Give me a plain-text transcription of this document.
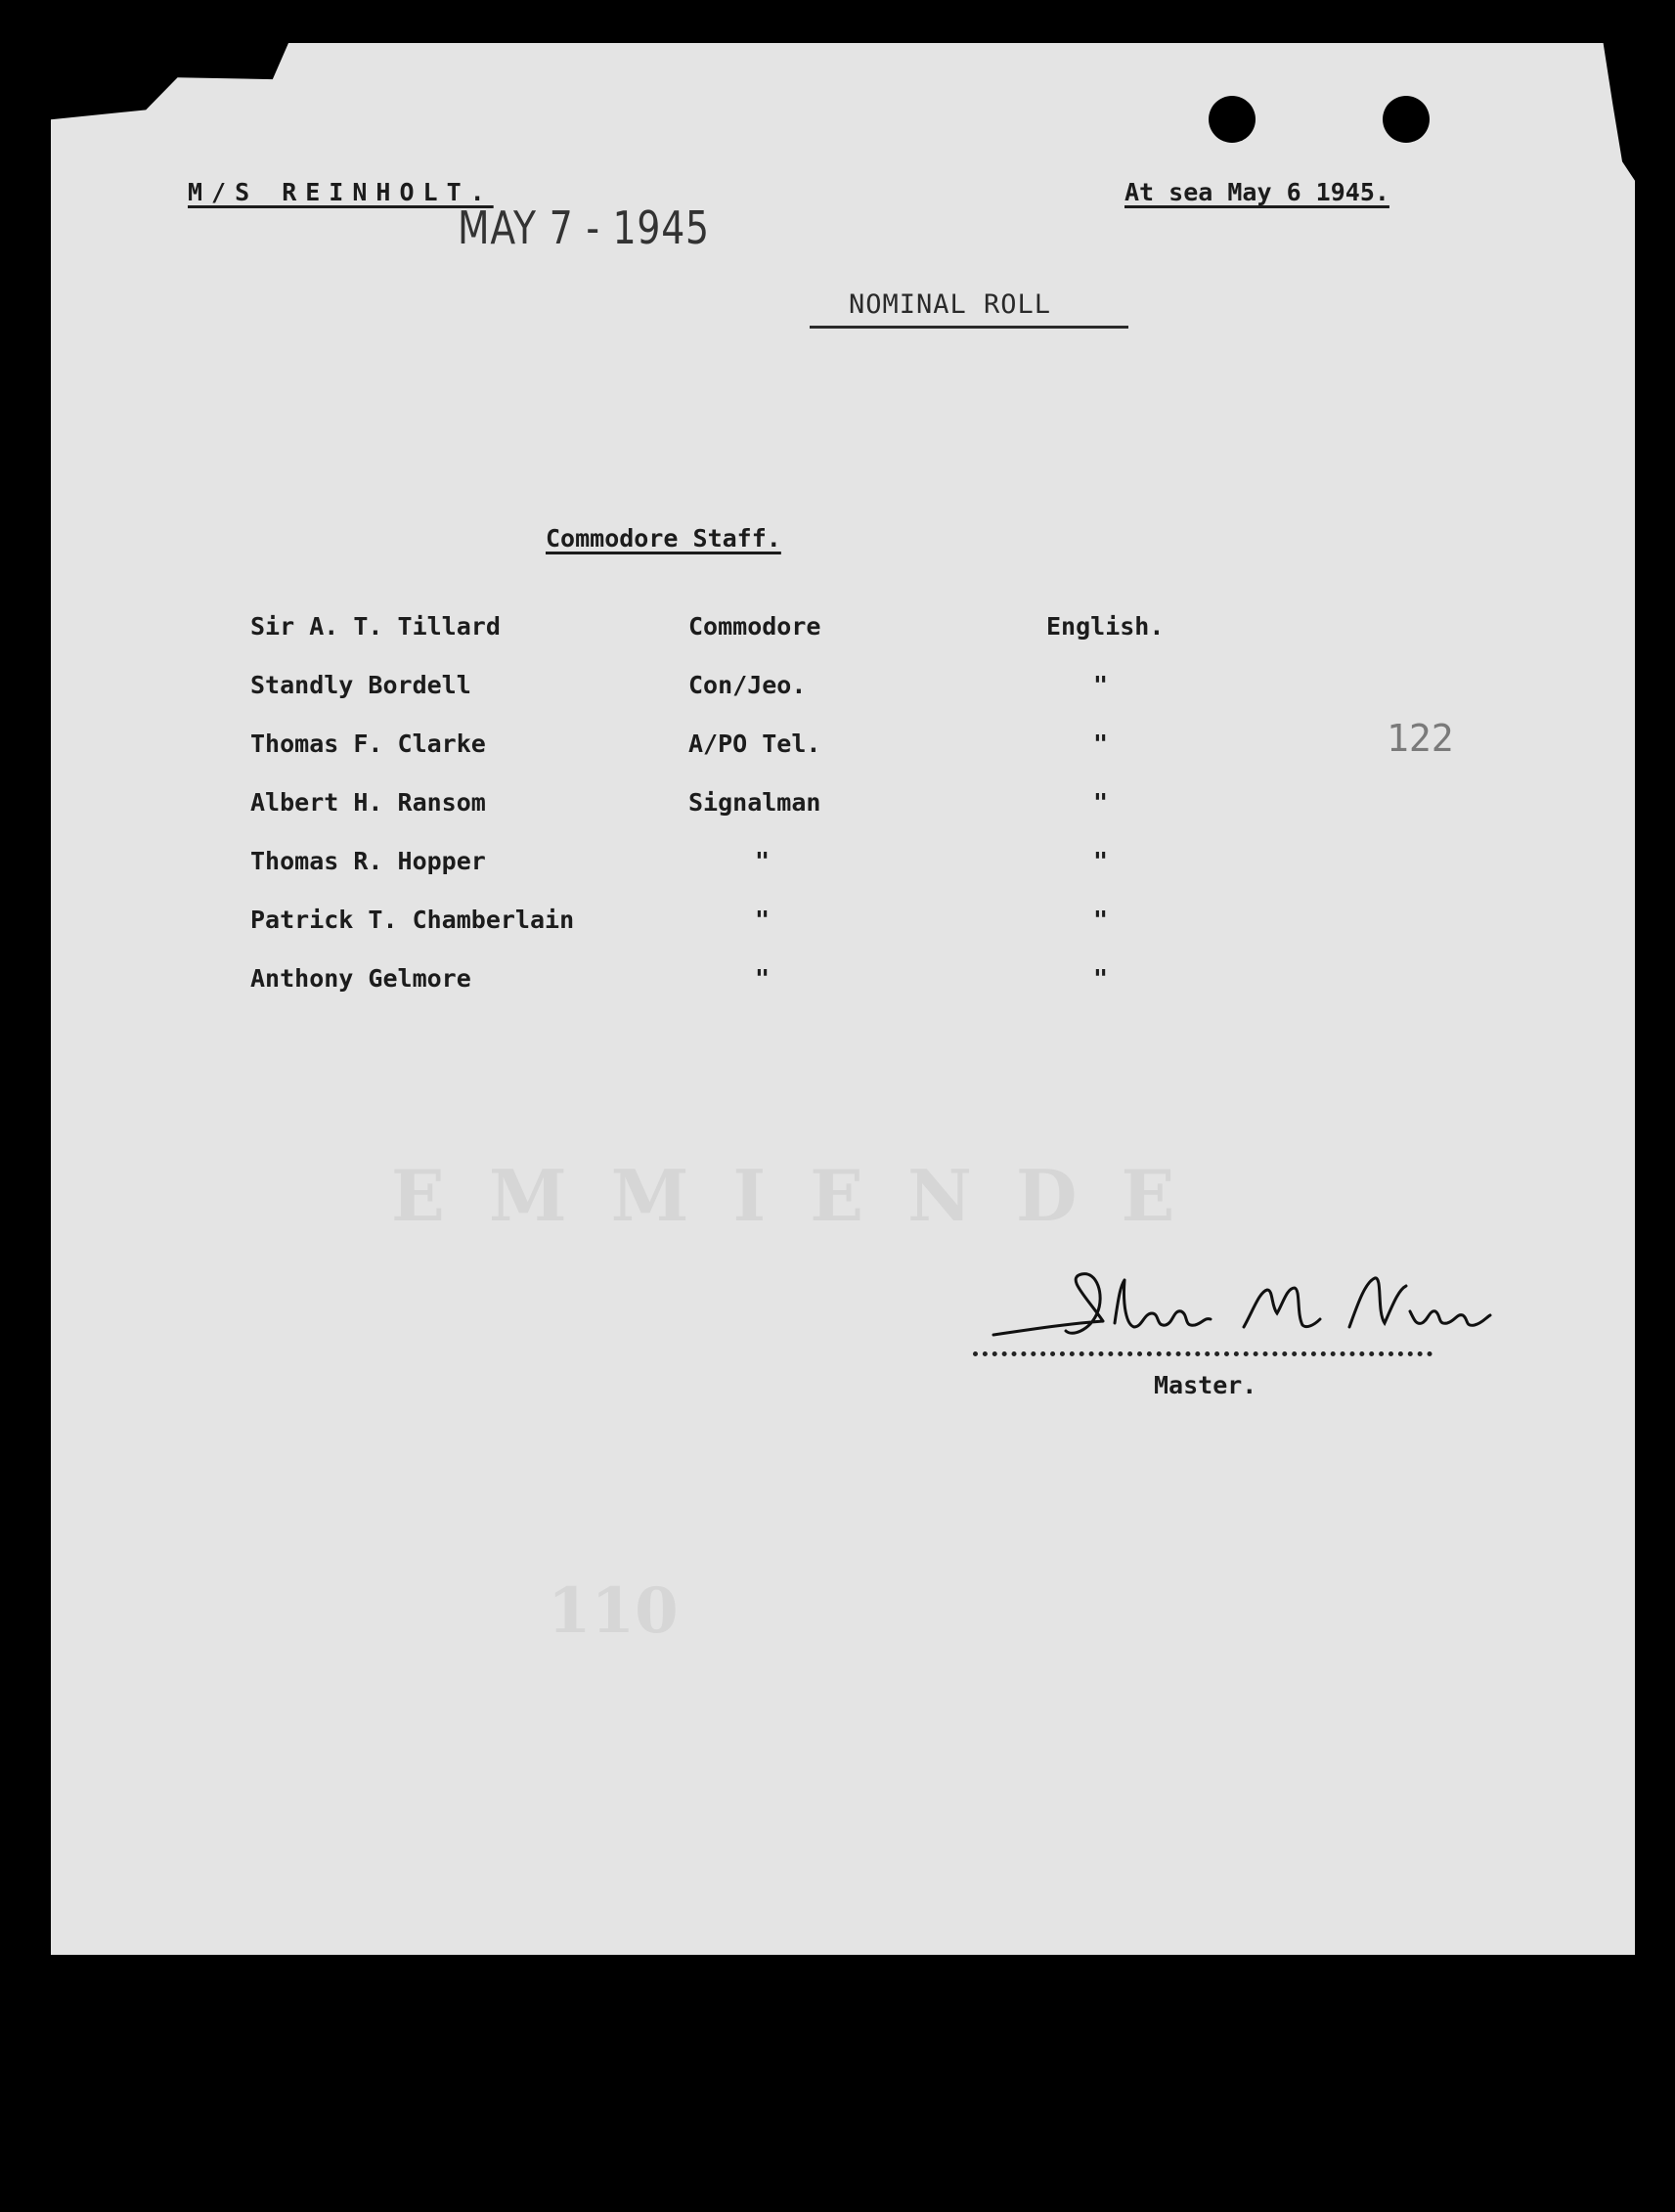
E M M I E N D E
110
M/S REINHOLT.	At sea May 6 1945.
MAY 7 - 1945
NOMINAL ROLL
Commodore Staff.
122
Sir A. T. Tillard	Commodore	English.
Standly Bordell	Con/Jeo.	"
Thomas F. Clarke	A/PO Tel.	"
Albert H. Ransom	Signalman	"
Thomas R. Hopper	"	"
Patrick T. Chamberlain	"	"
Anthony Gelmore	"	"
Master.
